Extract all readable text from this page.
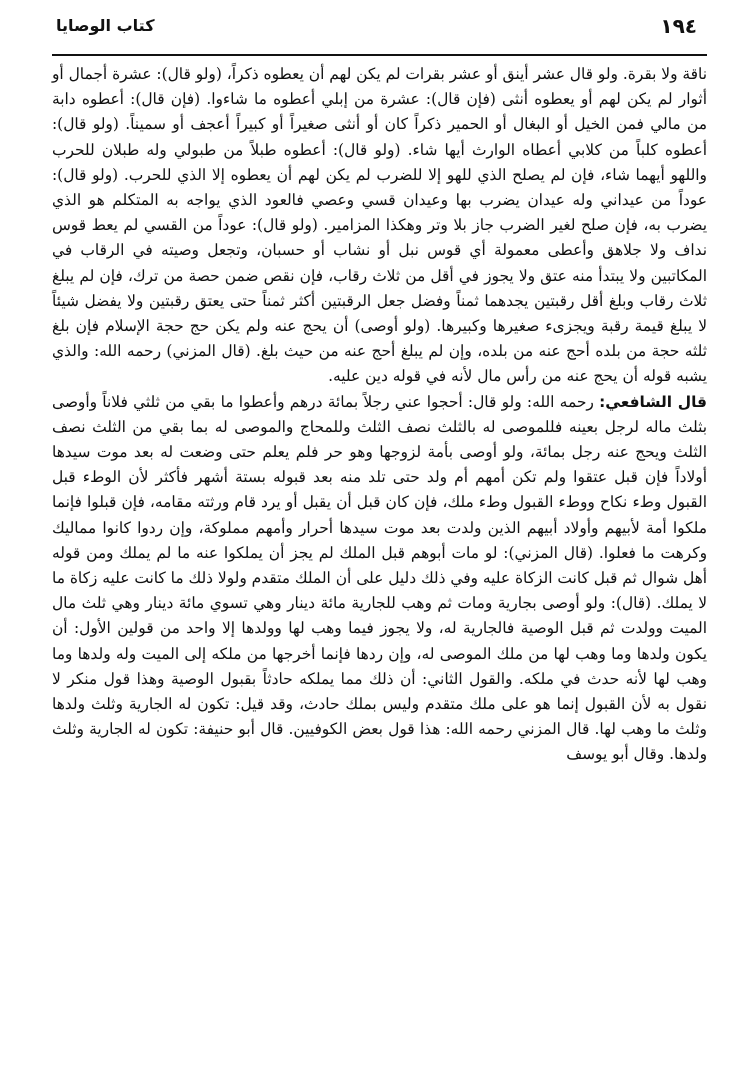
١٩٤
كتاب الوصايا

ناقة ولا بقرة. ولو قال عشر أينق أو عشر بقرات لم يكن لهم أن يعطوه ذكراً، (ولو قال): عشرة أجمال أو أثوار لم يكن لهم أو يعطوه أنثى (فإن قال): عشرة من إبلي أعطوه ما شاءوا. (فإن قال): أعطوه دابة من مالي فمن الخيل أو البغال أو الحمير ذكراً كان أو أنثى صغيراً أو كبيراً أعجف أو سميناً. (ولو قال): أعطوه كلباً من كلابي أعطاه الوارث أيها شاء. (ولو قال): أعطوه طبلاً من طبولي وله طبلان للحرب واللهو أيهما شاء، فإن لم يصلح الذي للهو إلا للضرب لم يكن لهم أن يعطوه إلا الذي للحرب. (ولو قال): عوداً من عيداني وله عيدان يضرب بها وعيدان قسي وعصي فالعود الذي يواجه به المتكلم هو الذي يضرب به، فإن صلح لغير الضرب جاز بلا وتر وهكذا المزامير. (ولو قال): عوداً من القسي لم يعط قوس نداف ولا جلاهق وأعطى معمولة أي قوس نبل أو نشاب أو حسبان، وتجعل وصيته في الرقاب في المكاتبين ولا يبتدأ منه عتق ولا يجوز في أقل من ثلاث رقاب، فإن نقص ضمن حصة من ترك، فإن لم يبلغ ثلاث رقاب وبلغ أقل رقبتين يجدهما ثمناً وفضل جعل الرقبتين أكثر ثمناً حتى يعتق رقبتين ولا يفضل شيئاً لا يبلغ قيمة رقبة ويجزىء صغيرها وكبيرها. (ولو أوصى) أن يحج عنه ولم يكن حج حجة الإسلام فإن بلغ ثلثه حجة من بلده أحج عنه من بلده، وإن لم يبلغ أحج عنه من حيث بلغ. (قال المزني) رحمه الله: والذي يشبه قوله أن يحج عنه من رأس مال لأنه في قوله دين عليه.

قال الشافعي: رحمه الله: ولو قال: أحجوا عني رجلاً بمائة درهم وأعطوا ما بقي من ثلثي فلاناً وأوصى بثلث ماله لرجل بعينه فللموصى له بالثلث نصف الثلث وللمحاج والموصى له بما بقي من الثلث نصف الثلث ويحج عنه رجل بمائة، ولو أوصى بأمة لزوجها وهو حر فلم يعلم حتى وضعت له بعد موت سيدها أولاداً فإن قبل عتقوا ولم تكن أمهم أم ولد حتى تلد منه بعد قبوله بستة أشهر فأكثر لأن الوطء قبل القبول وطء نكاح ووطء القبول وطء ملك، فإن كان قبل أن يقبل أو يرد قام ورثته مقامه، فإن قبلوا فإنما ملكوا أمة لأبيهم وأولاد أبيهم الذين ولدت بعد موت سيدها أحرار وأمهم مملوكة، وإن ردوا كانوا مماليك وكرهت ما فعلوا. (قال المزني): لو مات أبوهم قبل الملك لم يجز أن يملكوا عنه ما لم يملك ومن قوله أهل شوال ثم قبل كانت الزكاة عليه وفي ذلك دليل على أن الملك متقدم ولولا ذلك ما كانت عليه زكاة ما لا يملك. (قال): ولو أوصى بجارية ومات ثم وهب للجارية مائة دينار وهي تسوي مائة دينار وهي ثلث مال الميت وولدت ثم قبل الوصية فالجارية له، ولا يجوز فيما وهب لها وولدها إلا واحد من قولين الأول: أن يكون ولدها وما وهب لها من ملك الموصى له، وإن ردها فإنما أخرجها من ملكه إلى الميت وله ولدها وما وهب لها لأنه حدث في ملكه. والقول الثاني: أن ذلك مما يملكه حادثاً بقبول الوصية وهذا قول منكر لا نقول به لأن القبول إنما هو على ملك متقدم وليس بملك حادث، وقد قيل: تكون له الجارية وثلث ولدها وثلث ما وهب لها. قال المزني رحمه الله: هذا قول بعض الكوفيين. قال أبو حنيفة: تكون له الجارية وثلث ولدها. وقال أبو يوسف
